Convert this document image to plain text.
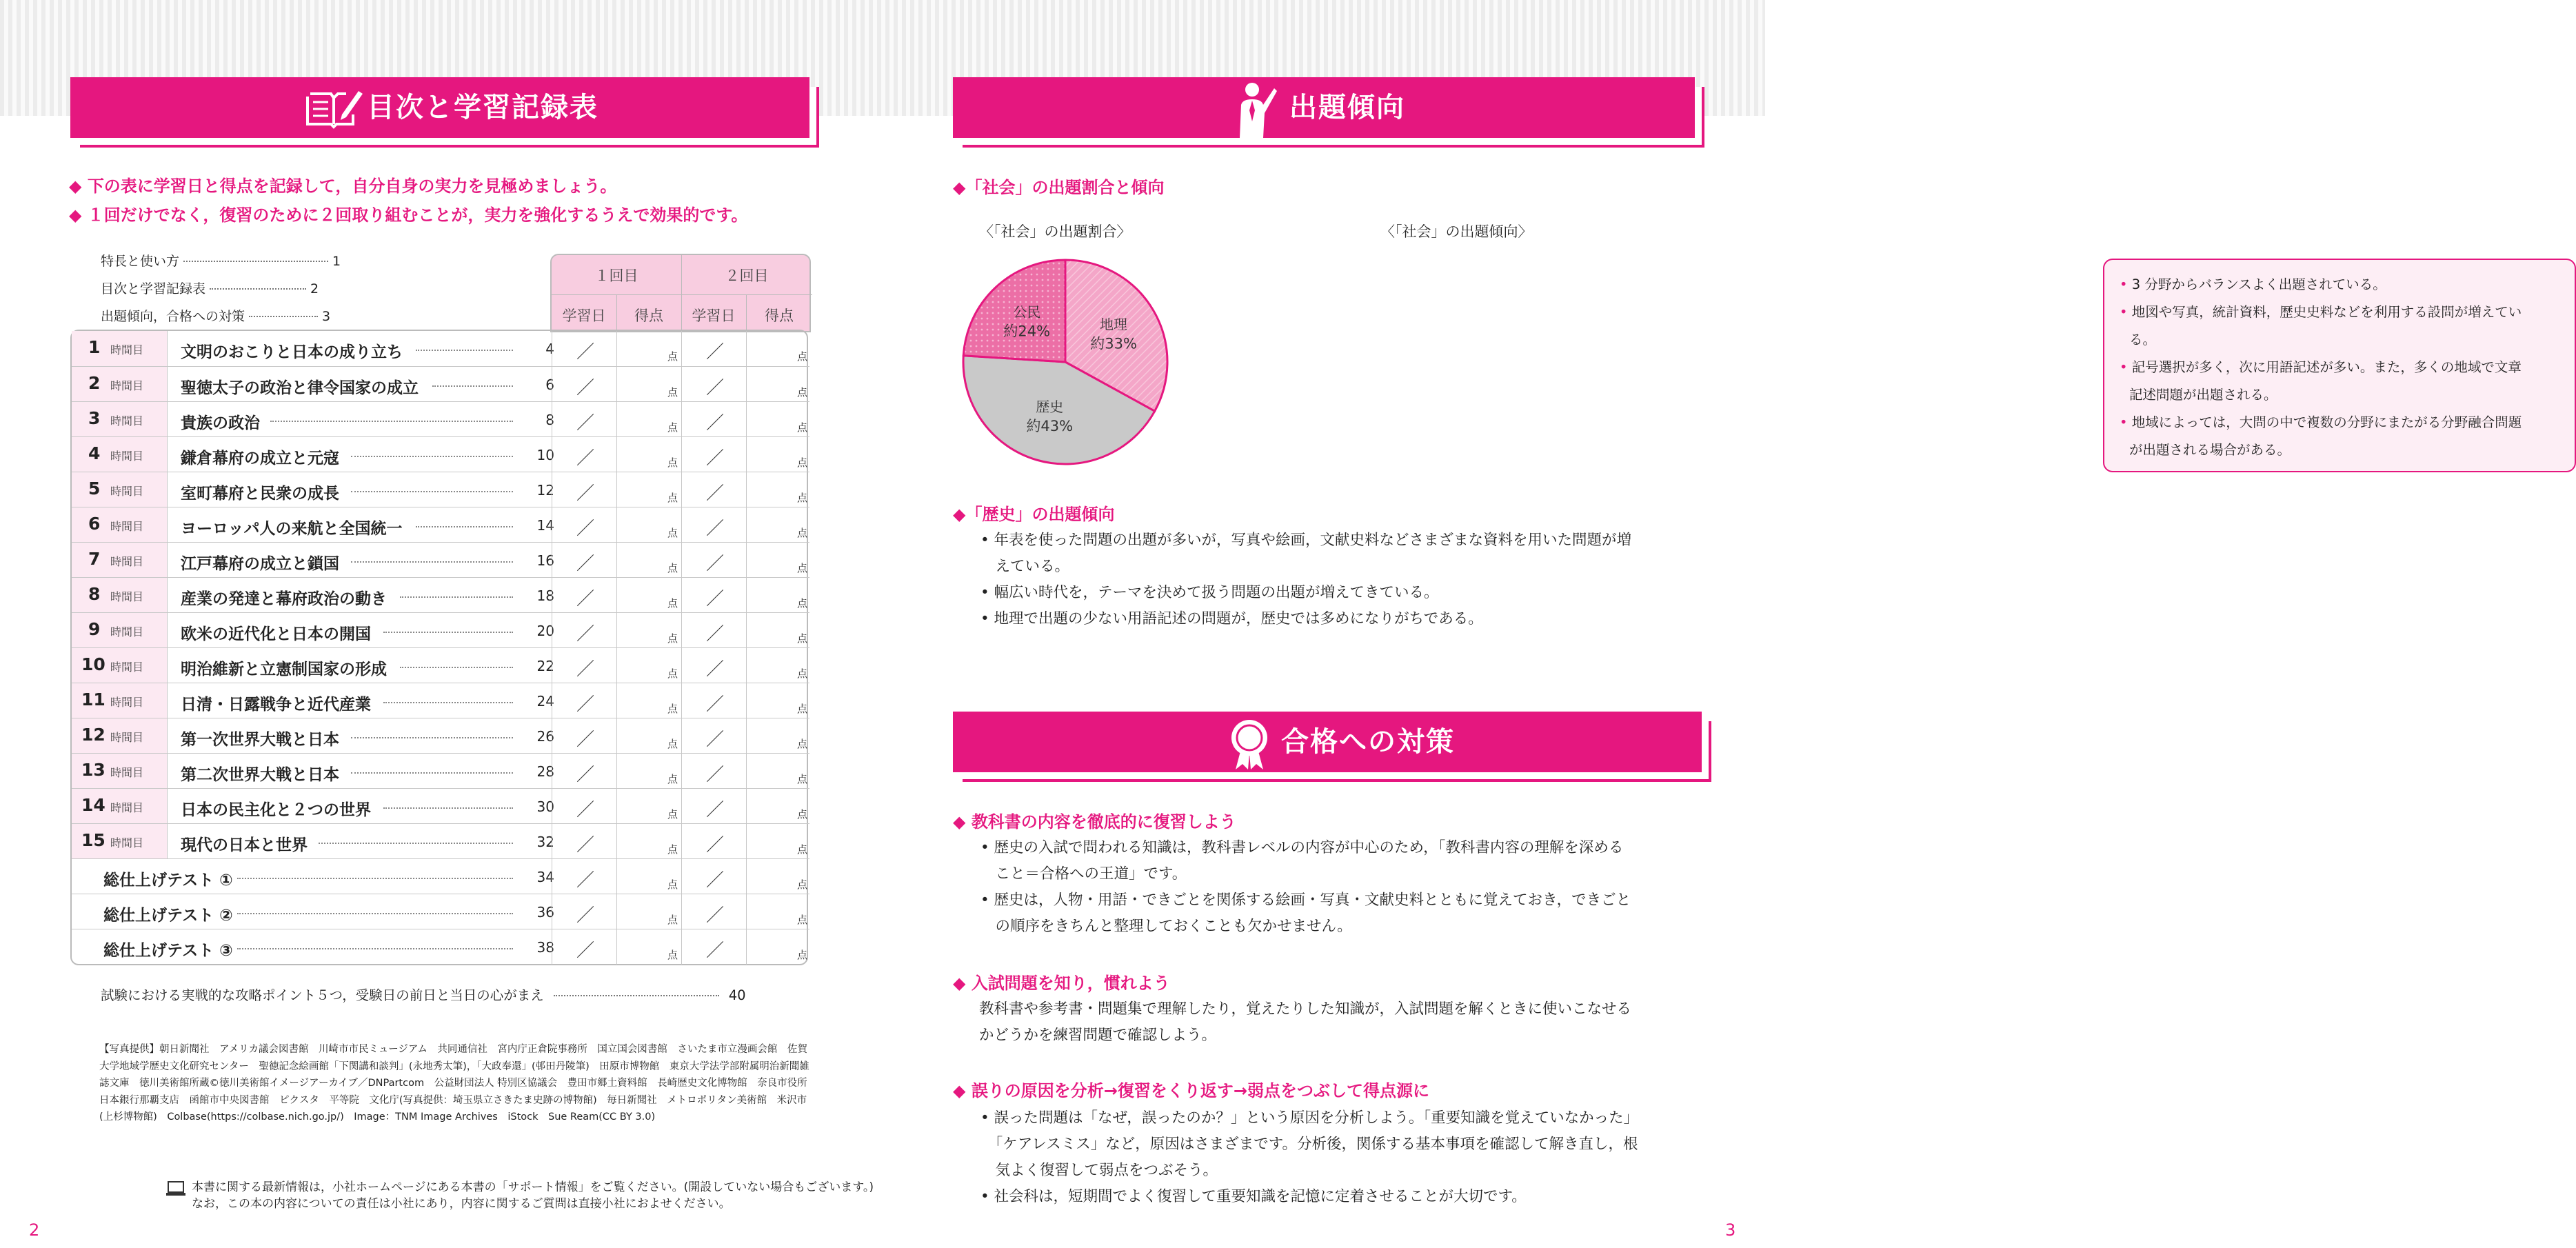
目次と学習記録表
◆ 下の表に学習日と得点を記録して，自分自身の実力を見極めましょう。
◆ １回だけでなく，復習のために２回取り組むことが，実力を強化するうえで効果的です。
特長と使い方	1
目次と学習記録表	2
出題傾向，合格への対策	3
１回目	２回目
学習日	得点	学習日	得点
1 時間目 文明のおこりと日本の成り立ち	4 ／	点 ／	点
2 時間目 聖徳太子の政治と律令国家の成立	6 ／	点 ／	点
3 時間目 貴族の政治	8 ／	点 ／	点
4 時間目 鎌倉幕府の成立と元寇	10 ／	点 ／	点
5 時間目 室町幕府と民衆の成長	12 ／	点 ／	点
6 時間目 ヨーロッパ人の来航と全国統一	14 ／	点 ／	点
7 時間目 江戸幕府の成立と鎖国	16 ／	点 ／	点
8 時間目 産業の発達と幕府政治の動き	18 ／	点 ／	点
9 時間目 欧米の近代化と日本の開国	20 ／	点 ／	点
10 時間目 明治維新と立憲制国家の形成	22 ／	点 ／	点
11 時間目 日清・日露戦争と近代産業	24 ／	点 ／	点
12 時間目 第一次世界大戦と日本	26 ／	点 ／	点
13 時間目 第二次世界大戦と日本	28 ／	点 ／	点
14 時間目 日本の民主化と２つの世界	30 ／	点 ／	点
15 時間目 現代の日本と世界	32 ／	点 ／	点
総仕上げテスト ①	34 ／	点 ／	点
総仕上げテスト ②	36 ／	点 ／	点
総仕上げテスト ③	38 ／	点 ／	点
試験における実戦的な攻略ポイント５つ，受験日の前日と当日の心がまえ	40
【写真提供】朝日新聞社　アメリカ議会図書館　川崎市市民ミュージアム　共同通信社　宮内庁正倉院事務所　国立国会図書館　さいたま市立漫画会館　佐賀大学地域学歴史文化研究センター　聖徳記念絵画館「下関講和談判」(永地秀太筆)，「大政奉還」(邨田丹陵筆)　田原市博物館　東京大学法学部附属明治新聞雑誌文庫　徳川美術館所蔵©徳川美術館イメージアーカイブ／DNPartcom　公益財団法人 特別区協議会　豊田市郷土資料館　長崎歴史文化博物館　奈良市役所　日本銀行那覇支店　函館市中央図書館　ピクスタ　平等院　文化庁(写真提供：埼玉県立さきたま史跡の博物館)　毎日新聞社　メトロポリタン美術館　米沢市(上杉博物館)　Colbase(https://colbase.nich.go.jp/)　Image：TNM Image Archives　iStock　Sue Ream(CC BY 3.0)
本書に関する最新情報は，小社ホームページにある本書の「サポート情報」をご覧ください。(開設していない場合もございます。)
なお，この本の内容についての責任は小社にあり，内容に関するご質問は直接小社におよせください。
2
出題傾向
◆「社会」の出題割合と傾向
〈「社会」の出題割合〉	〈「社会」の出題傾向〉
地理
約33%
歴史
約43%
公民
約24%
• 3 分野からバランスよく出題されている。
• 地図や写真，統計資料，歴史史料などを利用する設問が増えてい
る。
• 記号選択が多く，次に用語記述が多い。また，多くの地域で文章
記述問題が出題される。
• 地域によっては，大問の中で複数の分野にまたがる分野融合問題
が出題される場合がある。
◆「歴史」の出題傾向
• 年表を使った問題の出題が多いが，写真や絵画，文献史料などさまざまな資料を用いた問題が増
　えている。
• 幅広い時代を，テーマを決めて扱う問題の出題が増えてきている。
• 地理で出題の少ない用語記述の問題が，歴史では多めになりがちである。
合格への対策
◆ 教科書の内容を徹底的に復習しよう
• 歴史の入試で問われる知識は，教科書レベルの内容が中心のため，「教科書内容の理解を深める
　こと＝合格への王道」です。
• 歴史は，人物・用語・できごとを関係する絵画・写真・文献史料とともに覚えておき，できごと
　の順序をきちんと整理しておくことも欠かせません。
◆ 入試問題を知り，慣れよう
教科書や参考書・問題集で理解したり，覚えたりした知識が，入試問題を解くときに使いこなせる
かどうかを練習問題で確認しよう。
◆ 誤りの原因を分析→復習をくり返す→弱点をつぶして得点源に
• 誤った問題は「なぜ，誤ったのか？」という原因を分析しよう。「重要知識を覚えていなかった」
　「ケアレスミス」など，原因はさまざまです。分析後，関係する基本事項を確認して解き直し，根
　気よく復習して弱点をつぶそう。
• 社会科は，短期間でよく復習して重要知識を記憶に定着させることが大切です。
3
